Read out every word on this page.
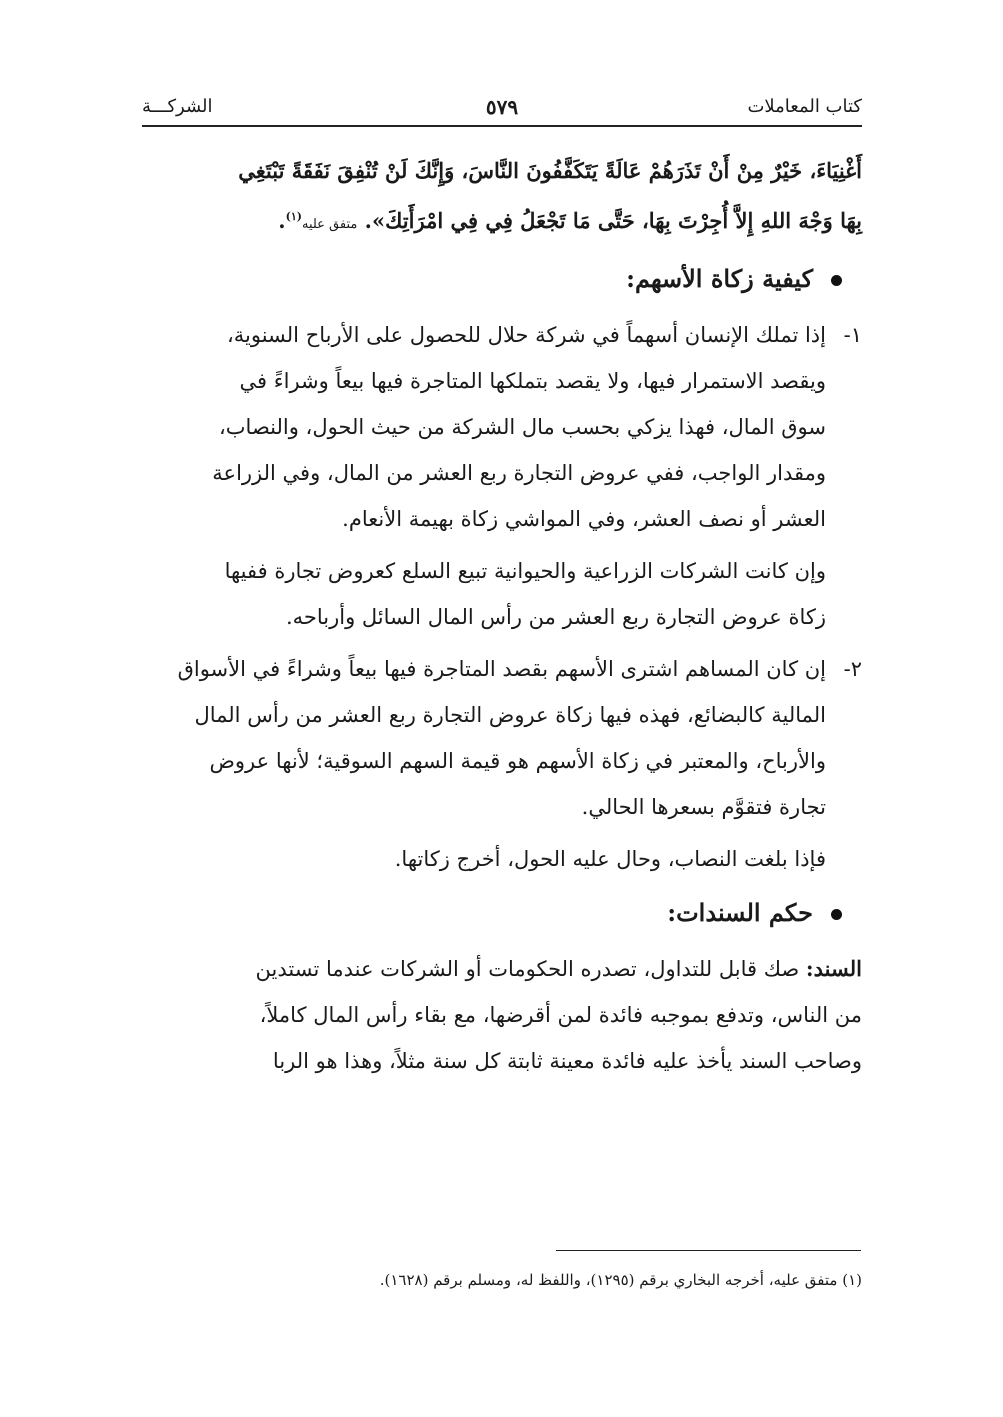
كتاب المعاملات
٥٧٩
الشركـــة
أَغْنِيَاءَ، خَيْرٌ مِنْ أَنْ تَذَرَهُمْ عَالَةً يَتَكَفَّفُونَ النَّاسَ، وَإِنَّكَ لَنْ تُنْفِقَ نَفَقَةً تَبْتَغِي
بِهَا وَجْهَ اللهِ إِلاَّ أُجِرْتَ بِهَا، حَتَّى مَا تَجْعَلُ فِي فِي امْرَأَتِكَ». متفق عليه$^{(١)}$.
كيفية زكاة الأسهم:
١-
إذا تملك الإنسان أسهماً في شركة حلال للحصول على الأرباح السنوية،
ويقصد الاستمرار فيها، ولا يقصد بتملكها المتاجرة فيها بيعاً وشراءً في
سوق المال، فهذا يزكي بحسب مال الشركة من حيث الحول، والنصاب،
ومقدار الواجب، ففي عروض التجارة ربع العشر من المال، وفي الزراعة
العشر أو نصف العشر، وفي المواشي زكاة بهيمة الأنعام.
وإن كانت الشركات الزراعية والحيوانية تبيع السلع كعروض تجارة ففيها
زكاة عروض التجارة ربع العشر من رأس المال السائل وأرباحه.
٢-
إن كان المساهم اشترى الأسهم بقصد المتاجرة فيها بيعاً وشراءً في الأسواق
المالية كالبضائع، فهذه فيها زكاة عروض التجارة ربع العشر من رأس المال
والأرباح، والمعتبر في زكاة الأسهم هو قيمة السهم السوقية؛ لأنها عروض
تجارة فتقوَّم بسعرها الحالي.
فإذا بلغت النصاب، وحال عليه الحول، أخرج زكاتها.
حكم السندات:
السند: صك قابل للتداول، تصدره الحكومات أو الشركات عندما تستدين
من الناس، وتدفع بموجبه فائدة لمن أقرضها، مع بقاء رأس المال كاملاً،
وصاحب السند يأخذ عليه فائدة معينة ثابتة كل سنة مثلاً، وهذا هو الربا
(١) متفق عليه، أخرجه البخاري برقم (١٢٩٥)، واللفظ له، ومسلم برقم (١٦٢٨).
